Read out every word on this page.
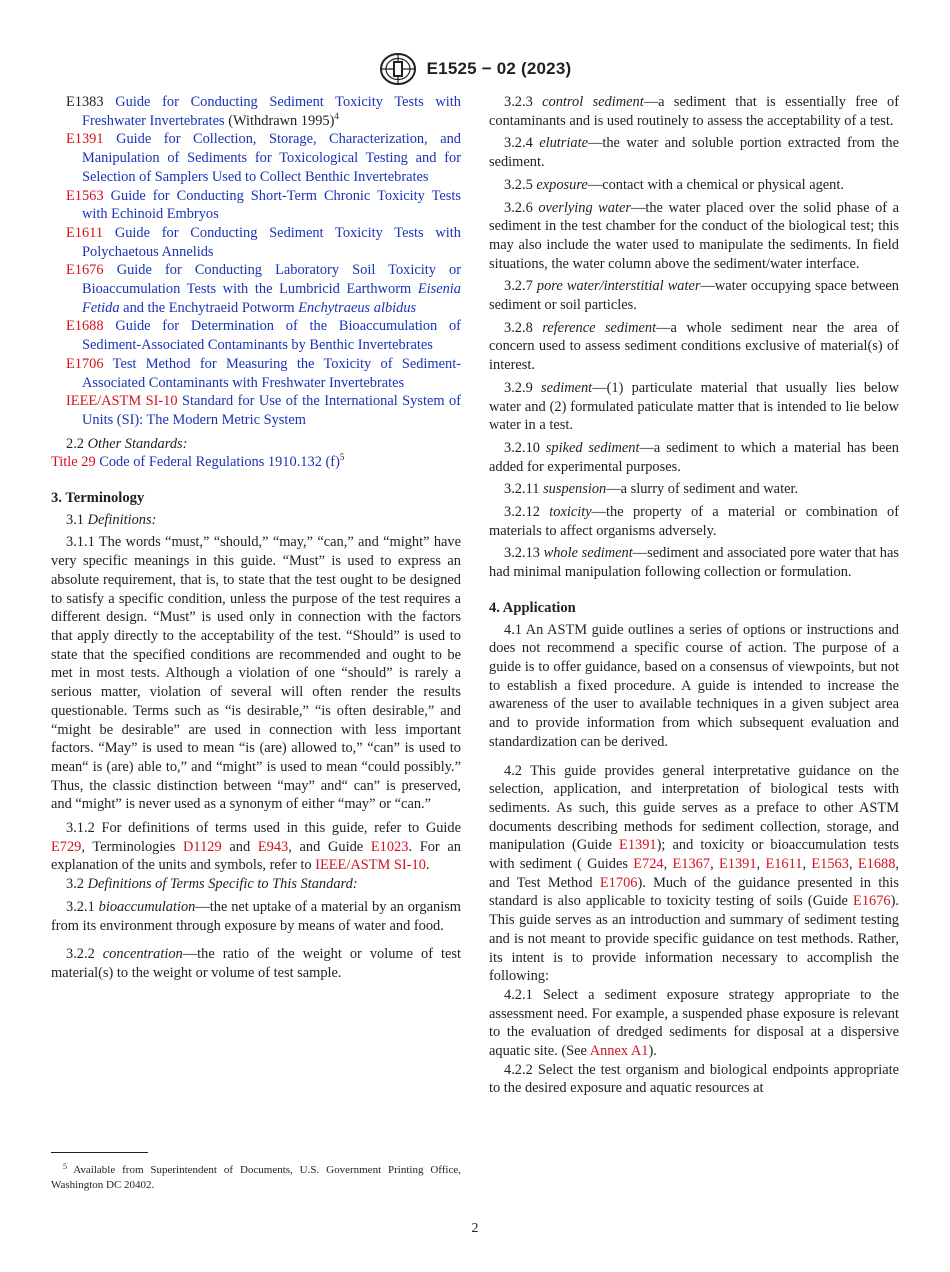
E1525 − 02 (2023)

E1383 Guide for Conducting Sediment Toxicity Tests with Freshwater Invertebrates (Withdrawn 1995)$^4$

E1391 Guide for Collection, Storage, Characterization, and Manipulation of Sediments for Toxicological Testing and for Selection of Samplers Used to Collect Benthic Invertebrates

E1563 Guide for Conducting Short-Term Chronic Toxicity Tests with Echinoid Embryos

E1611 Guide for Conducting Sediment Toxicity Tests with Polychaetous Annelids

E1676 Guide for Conducting Laboratory Soil Toxicity or Bioaccumulation Tests with the Lumbricid Earthworm Eisenia Fetida and the Enchytraeid Potworm Enchytraeus albidus

E1688 Guide for Determination of the Bioaccumulation of Sediment-Associated Contaminants by Benthic Invertebrates

E1706 Test Method for Measuring the Toxicity of Sediment-Associated Contaminants with Freshwater Invertebrates

IEEE/ASTM SI-10 Standard for Use of the International System of Units (SI): The Modern Metric System

2.2 Other Standards:

Title 29 Code of Federal Regulations 1910.132 $(f)^5$

3. Terminology

3.1 Definitions:

3.1.1 The words “must,” “should,” “may,” “can,” and “might” have very specific meanings in this guide. “Must” is used to express an absolute requirement, that is, to state that the test ought to be designed to satisfy a specific condition, unless the purpose of the test requires a different design. “Must” is used only in connection with the factors that apply directly to the acceptability of the test. “Should” is used to state that the specified conditions are recommended and ought to be met in most tests. Although a violation of one “should” is rarely a serious matter, violation of several will often render the results questionable. Terms such as “is desirable,” “is often desirable,” and “might be desirable” are used in connection with less important factors. “May” is used to mean “is (are) allowed to,” “can” is used to mean“ is (are) able to,” and “might” is used to mean “could possibly.” Thus, the classic distinction between “may” and“ can” is preserved, and “might” is never used as a synonym of either “may” or “can.”

3.1.2 For definitions of terms used in this guide, refer to Guide E729, Terminologies D1129 and E943, and Guide E1023. For an explanation of the units and symbols, refer to IEEE/ASTM SI-10.

3.2 Definitions of Terms Specific to This Standard:

3.2.1 bioaccumulation—the net uptake of a material by an organism from its environment through exposure by means of water and food.

3.2.2 concentration—the ratio of the weight or volume of test material(s) to the weight or volume of test sample.

3.2.3 control sediment—a sediment that is essentially free of contaminants and is used routinely to assess the acceptability of a test.

3.2.4 elutriate—the water and soluble portion extracted from the sediment.

3.2.5 exposure—contact with a chemical or physical agent.

3.2.6 overlying water—the water placed over the solid phase of a sediment in the test chamber for the conduct of the biological test; this may also include the water used to manipulate the sediments. In field situations, the water column above the sediment/water interface.

3.2.7 pore water/interstitial water—water occupying space between sediment or soil particles.

3.2.8 reference sediment—a whole sediment near the area of concern used to assess sediment conditions exclusive of material(s) of interest.

3.2.9 sediment—(1) particulate material that usually lies below water and (2) formulated paticulate matter that is intended to lie below water in a test.

3.2.10 spiked sediment—a sediment to which a material has been added for experimental purposes.

3.2.11 suspension—a slurry of sediment and water.

3.2.12 toxicity—the property of a material or combination of materials to affect organisms adversely.

3.2.13 whole sediment—sediment and associated pore water that has had minimal manipulation following collection or formulation.

4. Application

4.1 An ASTM guide outlines a series of options or instructions and does not recommend a specific course of action. The purpose of a guide is to offer guidance, based on a consensus of viewpoints, but not to establish a fixed procedure. A guide is intended to increase the awareness of the user to available techniques in a given subject area and to provide information from which subsequent evaluation and standardization can be derived.

4.2 This guide provides general interpretative guidance on the selection, application, and interpretation of biological tests with sediments. As such, this guide serves as a preface to other ASTM documents describing methods for sediment collection, storage, and manipulation (Guide E1391); and toxicity or bioaccumulation tests with sediment ( Guides E724, E1367, E1391, E1611, E1563, E1688, and Test Method E1706). Much of the guidance presented in this standard is also applicable to toxicity testing of soils (Guide E1676). This guide serves as an introduction and summary of sediment testing and is not meant to provide specific guidance on test methods. Rather, its intent is to provide information necessary to accomplish the following:

4.2.1 Select a sediment exposure strategy appropriate to the assessment need. For example, a suspended phase exposure is relevant to the evaluation of dredged sediments for disposal at a dispersive aquatic site. (See Annex A1).

4.2.2 Select the test organism and biological endpoints appropriate to the desired exposure and aquatic resources at

$^5$ Available from Superintendent of Documents, U.S. Government Printing Office, Washington DC 20402.

2
